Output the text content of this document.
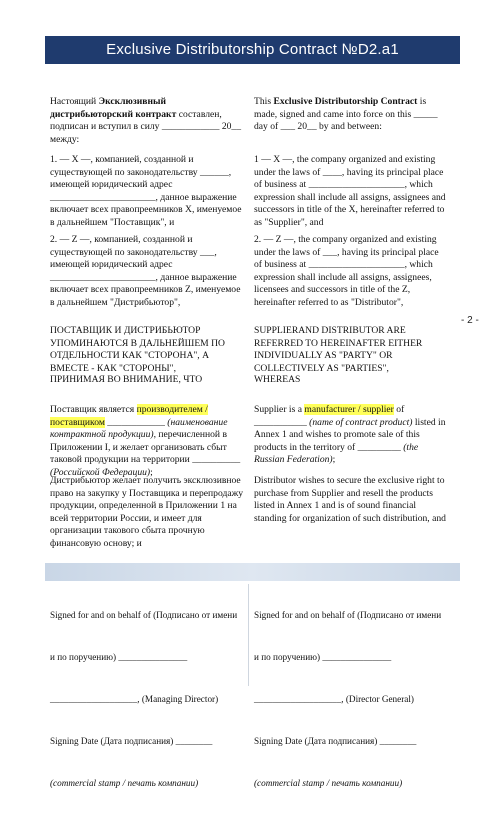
Exclusive Distributorship Contract №D2.a1
Настоящий Эксклюзивный дистрибьюторский контракт составлен, подписан и вступил в силу ____________ 20__ между:
1. — X —, компанией, созданной и существующей по законодательству ______, имеющей юридический адрес ______________________, данное выражение включает всех правопреемников X, именуемое в дальнейшем "Поставщик", и
2. — Z —, компанией, созданной и существующей по законодательству ___, имеющей юридический адрес ______________________, данное выражение включает всех правопреемников Z, именуемое в дальнейшем "Дистрибьютор",
ПОСТАВЩИК И ДИСТРИБЬЮТОР УПОМИНАЮТСЯ В ДАЛЬНЕЙШЕМ ПО ОТДЕЛЬНОСТИ КАК "СТОРОНА", А ВМЕСТЕ - КАК "СТОРОНЫ",
ПРИНИМАЯ ВО ВНИМАНИЕ, ЧТО
Поставщик является производителем / поставщиком ____________ (наименование контрактной продукции), перечисленной в Приложении I, и желает организовать сбыт таковой продукции на территории __________ (Российской Федерации);
Дистрибьютор желает получить эксклюзивное право на закупку у Поставщика и перепродажу продукции, определенной в Приложении 1 на всей территории России, и имеет для организации такового сбыта прочную финансовую основу; и
This Exclusive Distributorship Contract is made, signed and came into force on this _____ day of ___ 20__ by and between:
1 — X —, the company organized and existing under the laws of ____, having its principal place of business at ____________________, which expression shall include all assigns, assignees and successors in title of the X, hereinafter referred to as "Supplier", and
2. — Z —, the company organized and existing under the laws of ___, having its principal place of business at ____________________, which expression shall include all assigns, assignees, licensees and successors in title of the Z, hereinafter referred to as "Distributor",
SUPPLIERAND DISTRIBUTOR ARE REFERRED TO HEREINAFTER EITHER INDIVIDUALLY AS "PARTY" OR COLLECTIVELY AS "PARTIES",
WHEREAS
Supplier is a manufacturer / supplier of ___________ (name of contract product) listed in Annex 1 and wishes to promote sale of this products in the territory of _________ (the Russian Federation);
Distributor wishes to secure the exclusive right to purchase from Supplier and resell the products listed in Annex 1 and is of sound financial standing for organization of such distribution, and
- 2 -

Signed for and on behalf of (Подписано от имени

и по поручению) _______________

___________________, (Managing Director)

Signing Date (Дата подписания) ________

(commercial stamp / печать компании)

Signed for and on behalf of (Подписано от имени

и по поручению) _______________

___________________, (Director General)

Signing Date (Дата подписания) ________

(commercial stamp / печать компании)
